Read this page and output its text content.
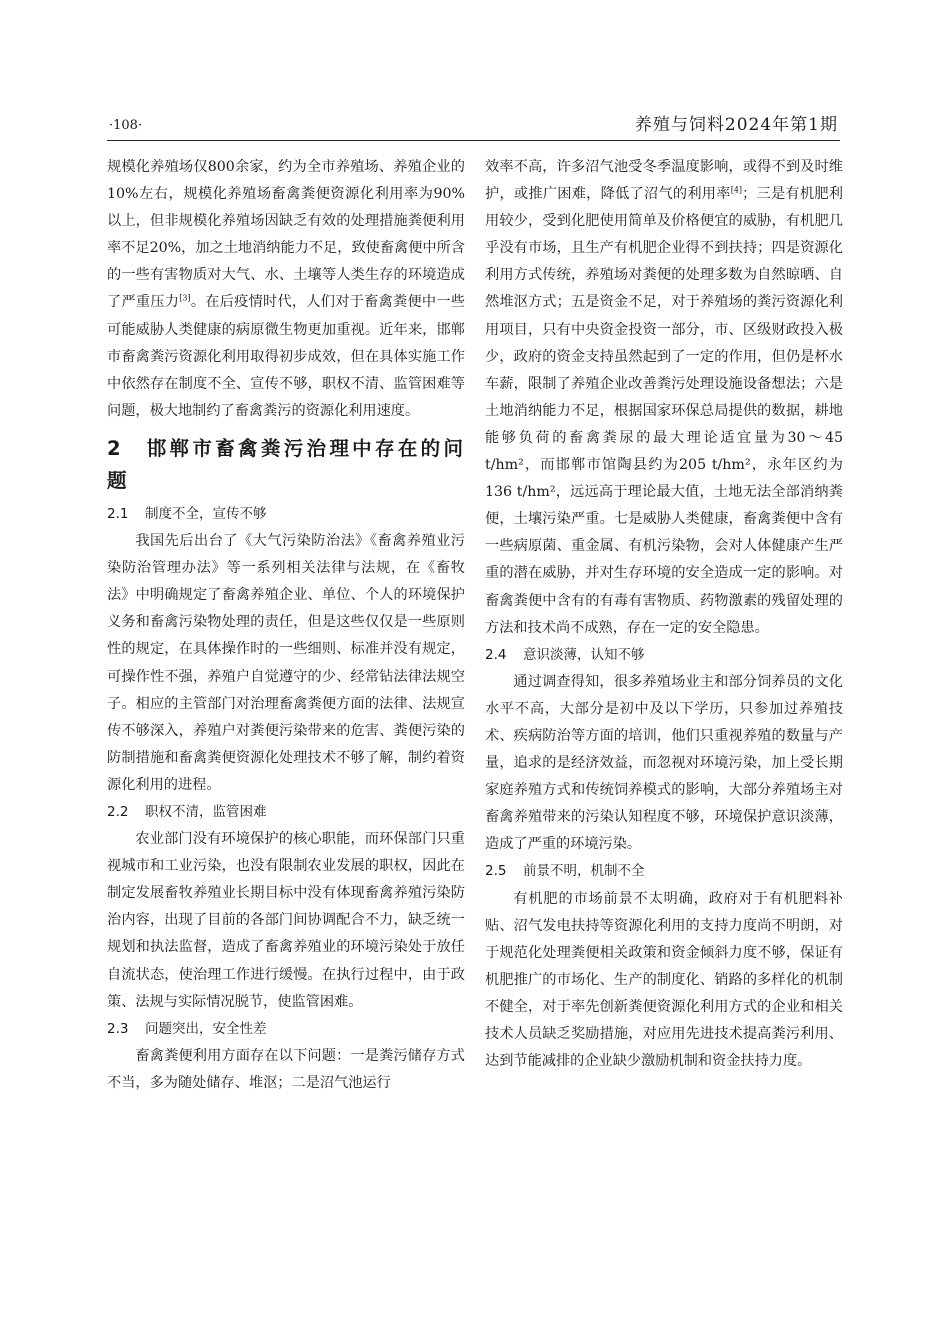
·108·	养殖与饲料2024年第1期

规模化养殖场仅800余家，约为全市养殖场、养殖企业的10%左右，规模化养殖场畜禽粪便资源化利用率为90%以上，但非规模化养殖场因缺乏有效的处理措施粪便利用率不足20%，加之土地消纳能力不足，致使畜禽便中所含的一些有害物质对大气、水、土壤等人类生存的环境造成了严重压力[3]。在后疫情时代，人们对于畜禽粪便中一些可能威胁人类健康的病原微生物更加重视。近年来，邯郸市畜禽粪污资源化利用取得初步成效，但在具体实施工作中依然存在制度不全、宣传不够，职权不清、监管困难等问题，极大地制约了畜禽粪污的资源化利用速度。

2　邯郸市畜禽粪污治理中存在的问题
2.1 制度不全，宣传不够

我国先后出台了《大气污染防治法》《畜禽养殖业污染防治管理办法》等一系列相关法律与法规，在《畜牧法》中明确规定了畜禽养殖企业、单位、个人的环境保护义务和畜禽污染物处理的责任，但是这些仅仅是一些原则性的规定，在具体操作时的一些细则、标准并没有规定，可操作性不强，养殖户自觉遵守的少、经常钻法律法规空子。相应的主管部门对治理畜禽粪便方面的法律、法规宣传不够深入，养殖户对粪便污染带来的危害、粪便污染的防制措施和畜禽粪便资源化处理技术不够了解，制约着资源化利用的进程。

2.2 职权不清，监管困难

农业部门没有环境保护的核心职能，而环保部门只重视城市和工业污染，也没有限制农业发展的职权，因此在制定发展畜牧养殖业长期目标中没有体现畜禽养殖污染防治内容，出现了目前的各部门间协调配合不力，缺乏统一规划和执法监督，造成了畜禽养殖业的环境污染处于放任自流状态，使治理工作进行缓慢。在执行过程中，由于政策、法规与实际情况脱节，使监管困难。

2.3 问题突出，安全性差

畜禽粪便利用方面存在以下问题：一是粪污储存方式不当，多为随处储存、堆沤；二是沼气池运行

效率不高，许多沼气池受冬季温度影响，或得不到及时维护，或推广困难，降低了沼气的利用率[4]；三是有机肥利用较少，受到化肥使用简单及价格便宜的威胁，有机肥几乎没有市场，且生产有机肥企业得不到扶持；四是资源化利用方式传统，养殖场对粪便的处理多数为自然晾晒、自然堆沤方式；五是资金不足，对于养殖场的粪污资源化利用项目，只有中央资金投资一部分，市、区级财政投入极少，政府的资金支持虽然起到了一定的作用，但仍是杯水车薪，限制了养殖企业改善粪污处理设施设备想法；六是土地消纳能力不足，根据国家环保总局提供的数据，耕地能够负荷的畜禽粪尿的最大理论适宜量为30～45 t/hm²，而邯郸市馆陶县约为205 t/hm²，永年区约为136 t/hm²，远远高于理论最大值，土地无法全部消纳粪便，土壤污染严重。七是威胁人类健康，畜禽粪便中含有一些病原菌、重金属、有机污染物，会对人体健康产生严重的潜在威胁，并对生存环境的安全造成一定的影响。对畜禽粪便中含有的有毒有害物质、药物激素的残留处理的方法和技术尚不成熟，存在一定的安全隐患。

2.4 意识淡薄，认知不够

通过调查得知，很多养殖场业主和部分饲养员的文化水平不高，大部分是初中及以下学历，只参加过养殖技术、疾病防治等方面的培训，他们只重视养殖的数量与产量，追求的是经济效益，而忽视对环境污染，加上受长期家庭养殖方式和传统饲养模式的影响，大部分养殖场主对畜禽养殖带来的污染认知程度不够，环境保护意识淡薄，造成了严重的环境污染。

2.5 前景不明，机制不全

有机肥的市场前景不太明确，政府对于有机肥料补贴、沼气发电扶持等资源化利用的支持力度尚不明朗，对于规范化处理粪便相关政策和资金倾斜力度不够，保证有机肥推广的市场化、生产的制度化、销路的多样化的机制不健全，对于率先创新粪便资源化利用方式的企业和相关技术人员缺乏奖励措施，对应用先进技术提高粪污利用、达到节能减排的企业缺少激励机制和资金扶持力度。
